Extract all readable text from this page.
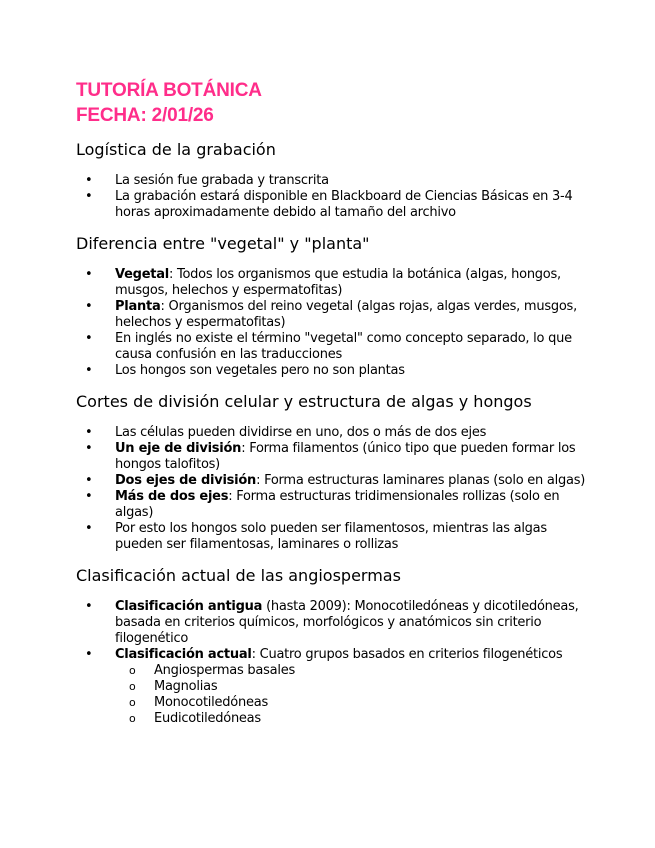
TUTORÍA BOTÁNICA
FECHA: 2/01/26
Logística de la grabación
• La sesión fue grabada y transcrita
• La grabación estará disponible en Blackboard de Ciencias Básicas en 3-4 horas aproximadamente debido al tamaño del archivo
Diferencia entre "vegetal" y "planta"
• Vegetal: Todos los organismos que estudia la botánica (algas, hongos, musgos, helechos y espermatofitas)
• Planta: Organismos del reino vegetal (algas rojas, algas verdes, musgos, helechos y espermatofitas)
• En inglés no existe el término "vegetal" como concepto separado, lo que causa confusión en las traducciones
• Los hongos son vegetales pero no son plantas
Cortes de división celular y estructura de algas y hongos
• Las células pueden dividirse en uno, dos o más de dos ejes
• Un eje de división: Forma filamentos (único tipo que pueden formar los hongos talofitos)
• Dos ejes de división: Forma estructuras laminares planas (solo en algas)
• Más de dos ejes: Forma estructuras tridimensionales rollizas (solo en algas)
• Por esto los hongos solo pueden ser filamentosos, mientras las algas pueden ser filamentosas, laminares o rollizas
Clasificación actual de las angiospermas
• Clasificación antigua (hasta 2009): Monocotiledóneas y dicotiledóneas, basada en criterios químicos, morfológicos y anatómicos sin criterio filogenético
• Clasificación actual: Cuatro grupos basados en criterios filogenéticos
o Angiospermas basales
o Magnolias
o Monocotiledóneas
o Eudicotiledóneas
